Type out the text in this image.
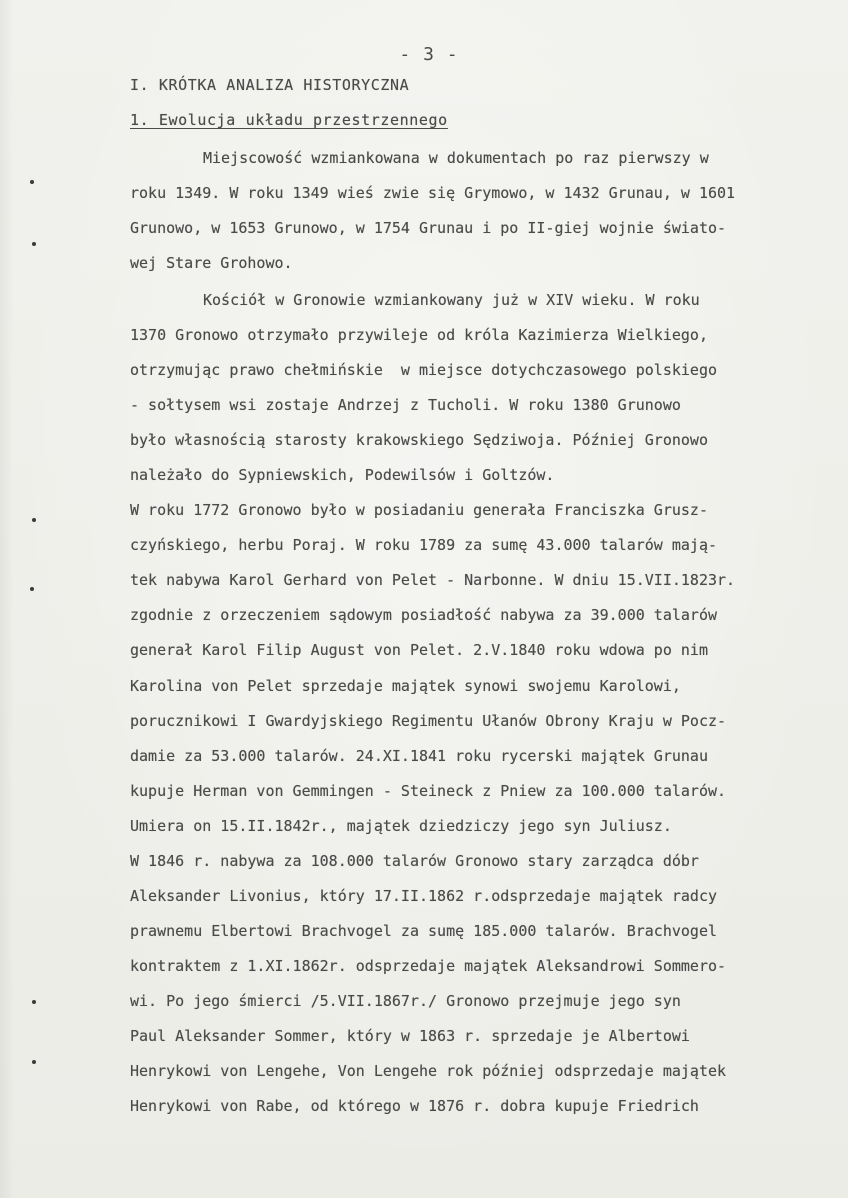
- 3 -
I. KRÓTKA ANALIZA HISTORYCZNA
1. Ewolucja układu przestrzennego
Miejscowość wzmiankowana w dokumentach po raz pierwszy w
roku 1349. W roku 1349 wieś zwie się Grymowo, w 1432 Grunau, w 1601
Grunowo, w 1653 Grunowo, w 1754 Grunau i po II-giej wojnie świato-
wej Stare Grohowo.
Kościół w Gronowie wzmiankowany już w XIV wieku. W roku
1370 Gronowo otrzymało przywileje od króla Kazimierza Wielkiego,
otrzymując prawo chełmińskie  w miejsce dotychczasowego polskiego
- sołtysem wsi zostaje Andrzej z Tucholi. W roku 1380 Grunowo
było własnością starosty krakowskiego Sędziwoja. Później Gronowo
należało do Sypniewskich, Podewilsów i Goltzów.
W roku 1772 Gronowo było w posiadaniu generała Franciszka Grusz-
czyńskiego, herbu Poraj. W roku 1789 za sumę 43.000 talarów mają-
tek nabywa Karol Gerhard von Pelet - Narbonne. W dniu 15.VII.1823r.
zgodnie z orzeczeniem sądowym posiadłość nabywa za 39.000 talarów
generał Karol Filip August von Pelet. 2.V.1840 roku wdowa po nim
Karolina von Pelet sprzedaje majątek synowi swojemu Karolowi,
porucznikowi I Gwardyjskiego Regimentu Ułanów Obrony Kraju w Pocz-
damie za 53.000 talarów. 24.XI.1841 roku rycerski majątek Grunau
kupuje Herman von Gemmingen - Steineck z Pniew za 100.000 talarów.
Umiera on 15.II.1842r., majątek dziedziczy jego syn Juliusz.
W 1846 r. nabywa za 108.000 talarów Gronowo stary zarządca dóbr
Aleksander Livonius, który 17.II.1862 r.odsprzedaje majątek radcy
prawnemu Elbertowi Brachvogel za sumę 185.000 talarów. Brachvogel
kontraktem z 1.XI.1862r. odsprzedaje majątek Aleksandrowi Sommero-
wi. Po jego śmierci /5.VII.1867r./ Gronowo przejmuje jego syn
Paul Aleksander Sommer, który w 1863 r. sprzedaje je Albertowi
Henrykowi von Lengehe, Von Lengehe rok później odsprzedaje majątek
Henrykowi von Rabe, od którego w 1876 r. dobra kupuje Friedrich
